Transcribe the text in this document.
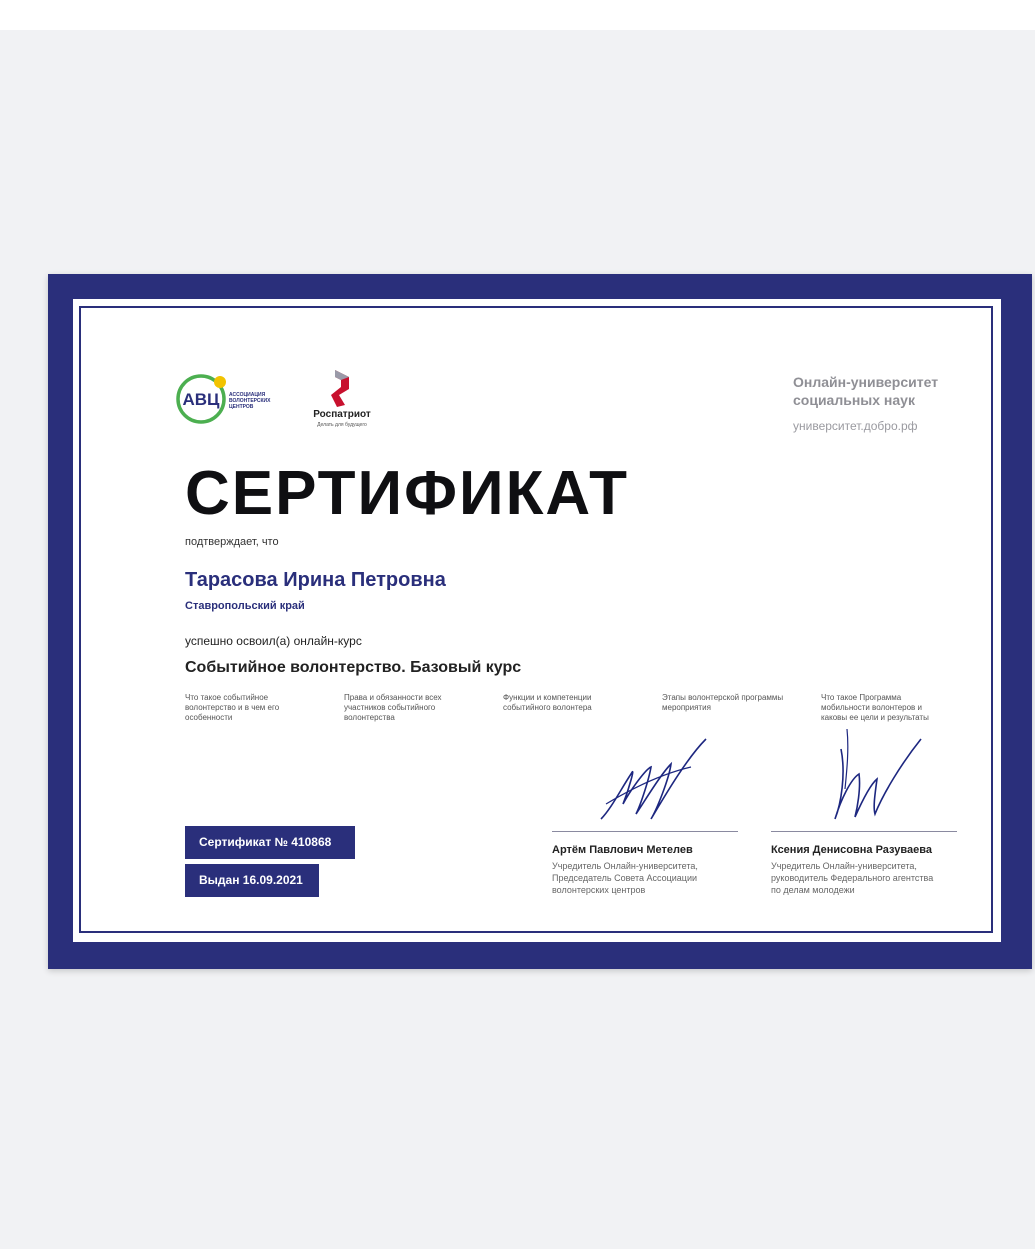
АВЦ АССОЦИАЦИЯ
ВОЛОНТЕРСКИХ
ЦЕНТРОВ
Роспатриот
Делать для будущего
Онлайн-университет
социальных наук
университет.добро.рф
СЕРТИФИКАТ
подтверждает, что
Тарасова Ирина Петровна
Ставропольский край
успешно освоил(а) онлайн-курс
Событийное волонтерство. Базовый курс
Что такое событийное волонтерство и в чем его особенности
Права и обязанности всех участников событийного волонтерства
Функции и компетенции событийного волонтера
Этапы волонтерской программы мероприятия
Что такое Программа мобильности волонтеров и каковы ее цели и результаты
Сертификат № 410868
Выдан 16.09.2021
Артём Павлович Метелев
Учредитель Онлайн-университета,
Председатель Совета Ассоциации
волонтерских центров
Ксения Денисовна Разуваева
Учредитель Онлайн-университета,
руководитель Федерального агентства
по делам молодежи
